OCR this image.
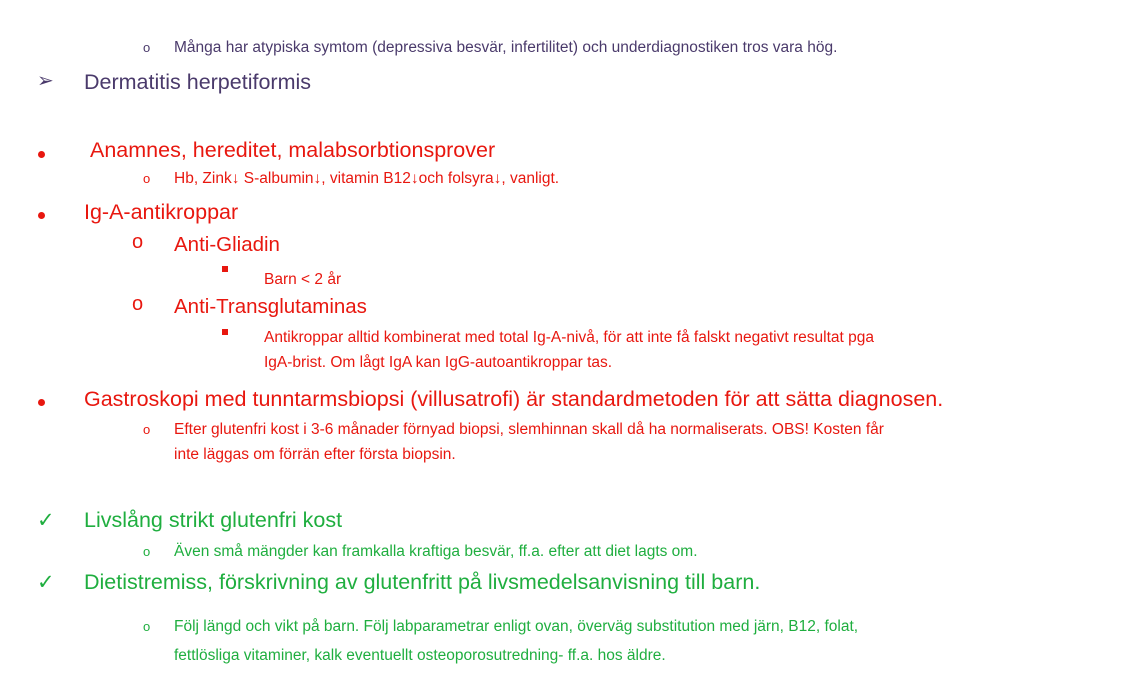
o Många har atypiska symtom (depressiva besvär, infertilitet) och underdiagnostiken tros vara hög.
➢ Dermatitis herpetiformis
Anamnes, hereditet, malabsorbtionsprover
o Hb, Zink↓ S-albumin↓, vitamin B12↓och folsyra↓, vanligt.
Ig-A-antikroppar
o Anti-Gliadin
Barn < 2 år
o Anti-Transglutaminas
Antikroppar alltid kombinerat med total Ig-A-nivå, för att inte få falskt negativt resultat pga
IgA-brist. Om lågt IgA kan IgG-autoantikroppar tas.
Gastroskopi med tunntarmsbiopsi (villusatrofi) är standardmetoden för att sätta diagnosen.
o Efter glutenfri kost i 3-6 månader förnyad biopsi, slemhinnan skall då ha normaliserats. OBS! Kosten får
inte läggas om förrän efter första biopsin.
✓ Livslång strikt glutenfri kost
o Även små mängder kan framkalla kraftiga besvär, ff.a. efter att diet lagts om.
✓ Dietistremiss, förskrivning av glutenfritt på livsmedelsanvisning till barn.
o Följ längd och vikt på barn. Följ labparametrar enligt ovan, överväg substitution med järn, B12, folat,
fettlösliga vitaminer, kalk eventuellt osteoporosutredning- ff.a. hos äldre.
